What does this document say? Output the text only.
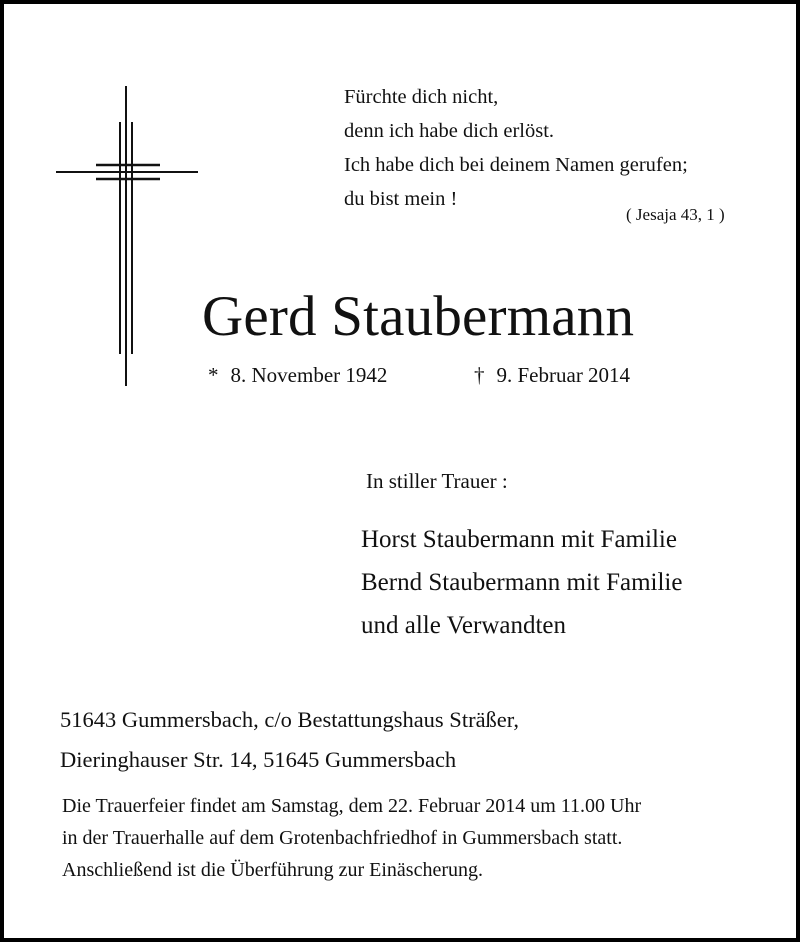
Fürchte dich nicht,
denn ich habe dich erlöst.
Ich habe dich bei deinem Namen gerufen;
du bist mein !
( Jesaja 43, 1 )
Gerd Staubermann
* 8. November 1942	† 9. Februar 2014
In stiller Trauer :
Horst Staubermann mit Familie
Bernd Staubermann mit Familie
und alle Verwandten
51643 Gummersbach, c/o Bestattungshaus Sträßer,
Dieringhauser Str. 14, 51645 Gummersbach
Die Trauerfeier findet am Samstag, dem 22. Februar 2014 um 11.00 Uhr
in der Trauerhalle auf dem Grotenbachfriedhof in Gummersbach statt.
Anschließend ist die Überführung zur Einäscherung.
